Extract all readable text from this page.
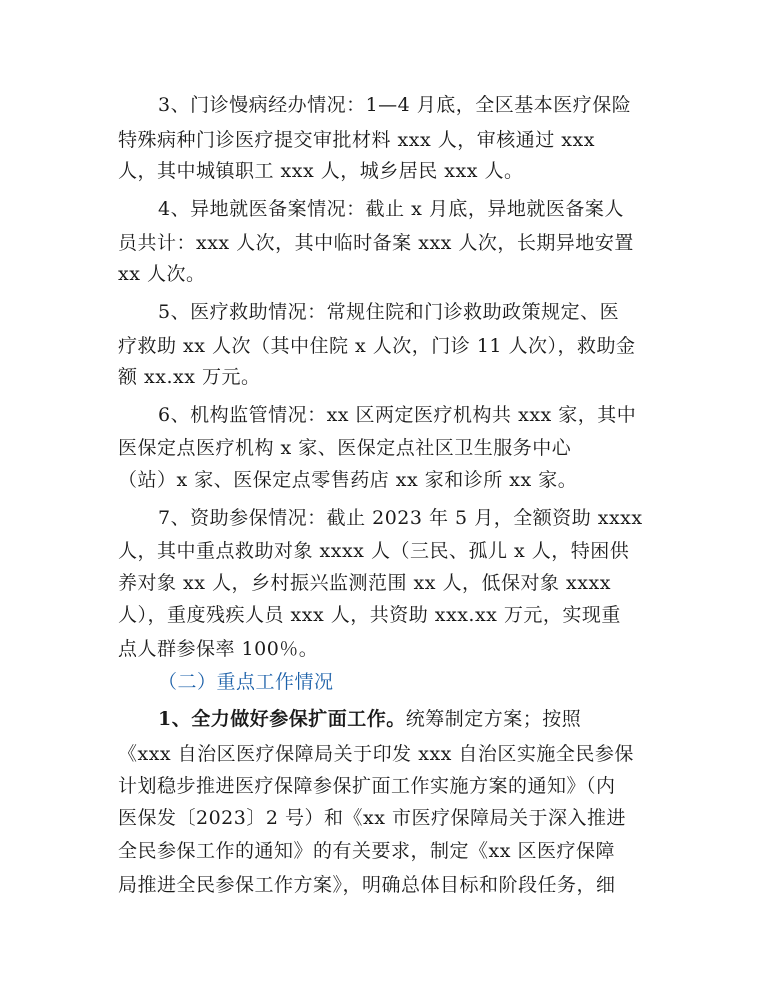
3、门诊慢病经办情况：1—4 月底，全区基本医疗保险
特殊病种门诊医疗提交审批材料 xxx 人，审核通过 xxx
人，其中城镇职工 xxx 人，城乡居民 xxx 人。
4、异地就医备案情况：截止 x 月底，异地就医备案人
员共计：xxx 人次，其中临时备案 xxx 人次，长期异地安置
xx 人次。
5、医疗救助情况：常规住院和门诊救助政策规定、医
疗救助 xx 人次（其中住院 x 人次，门诊 11 人次），救助金
额 xx.xx 万元。
6、机构监管情况：xx 区两定医疗机构共 xxx 家，其中
医保定点医疗机构 x 家、医保定点社区卫生服务中心
（站）x 家、医保定点零售药店 xx 家和诊所 xx 家。
7、资助参保情况：截止 2023 年 5 月，全额资助 xxxx
人，其中重点救助对象 xxxx 人（三民、孤儿 x 人，特困供
养对象 xx 人，乡村振兴监测范围 xx 人，低保对象 xxxx
人），重度残疾人员 xxx 人，共资助 xxx.xx 万元，实现重
点人群参保率 100％。
（二）重点工作情况
1、全力做好参保扩面工作。统筹制定方案；按照
《xxx 自治区医疗保障局关于印发 xxx 自治区实施全民参保
计划稳步推进医疗保障参保扩面工作实施方案的通知》（内
医保发〔2023〕2 号）和《xx 市医疗保障局关于深入推进
全民参保工作的通知》的有关要求，制定《xx 区医疗保障
局推进全民参保工作方案》，明确总体目标和阶段任务，细
